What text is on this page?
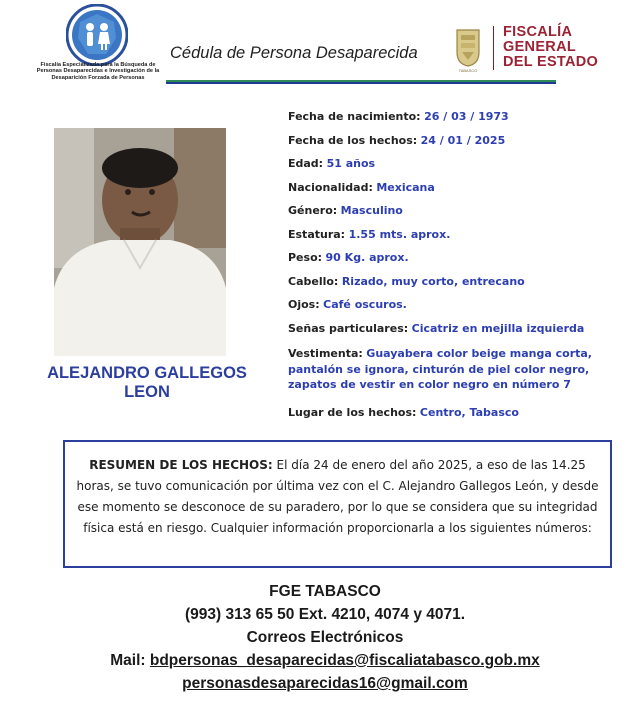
Fiscalía Especializada para la Búsqueda de Personas Desaparecidas e Investigación de la Desaparición Forzada de Personas
Cédula de Persona Desaparecida
TABASCO
FISCALÍA
GENERAL
DEL ESTADO
ALEJANDRO GALLEGOS
LEON
Fecha de nacimiento: 26 / 03 / 1973
Fecha de los hechos: 24 / 01 / 2025
Edad: 51 años
Nacionalidad: Mexicana
Género: Masculino
Estatura: 1.55 mts. aprox.
Peso: 90 Kg. aprox.
Cabello: Rizado, muy corto, entrecano
Ojos: Café oscuros.
Señas particulares: Cicatriz en mejilla izquierda
Vestimenta: Guayabera color beige manga corta, pantalón se ignora, cinturón de piel color negro, zapatos de vestir en color negro en número 7
Lugar de los hechos: Centro, Tabasco
RESUMEN DE LOS HECHOS: El día 24 de enero del año 2025, a eso de las 14.25 horas, se tuvo comunicación por última vez con el C. Alejandro Gallegos León, y desde ese momento se desconoce de su paradero, por lo que se considera que su integridad física está en riesgo. Cualquier información proporcionarla a los siguientes números:
FGE TABASCO
(993) 313 65 50 Ext. 4210, 4074 y 4071.
Correos Electrónicos
Mail: bdpersonas_desaparecidas@fiscaliatabasco.gob.mx
personasdesaparecidas16@gmail.com
